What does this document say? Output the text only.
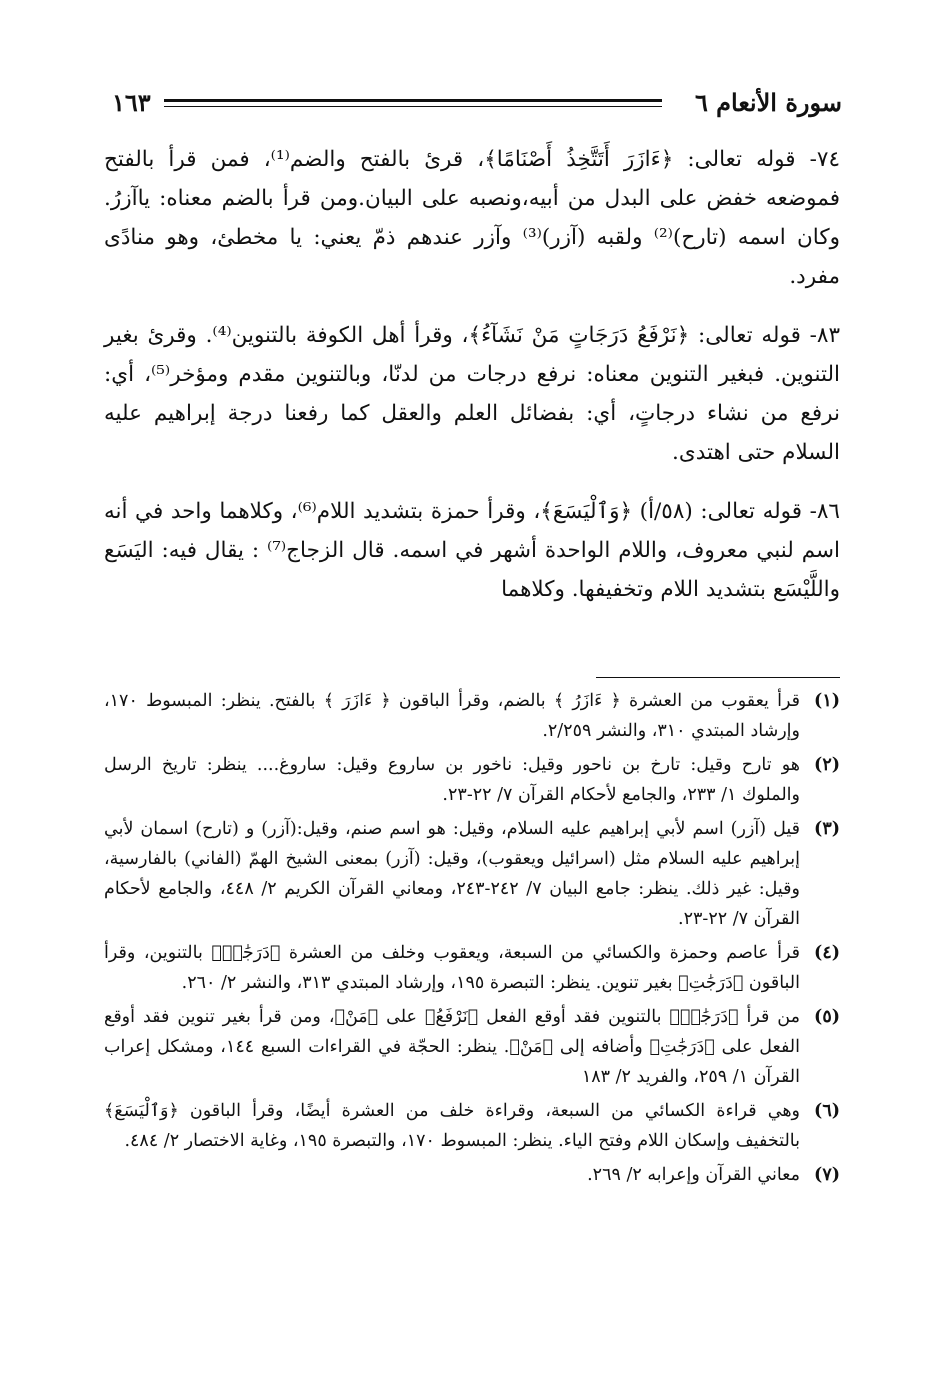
سورة الأنعام ٦
١٦٣

٧٤- قوله تعالى: ﴿ءَازَرَ أَتَتَّخِذُ أَصْنَامًا﴾، قرئ بالفتح والضم⁽¹⁾، فمن قرأ بالفتح فموضعه خفض على البدل من أبيه،ونصبه على البيان.ومن قرأ بالضم معناه: ياآزرُ. وكان اسمه (تارح)⁽²⁾ ولقبه (آزر)⁽³⁾ وآزر عندهم ذمّ يعني: يا مخطئ، وهو منادًى مفرد.

٨٣- قوله تعالى: ﴿نَرْفَعُ دَرَجَاتٍ مَنْ نَشَآءُ﴾، وقرأ أهل الكوفة بالتنوين⁽⁴⁾. وقرئ بغير التنوين. فبغير التنوين معناه: نرفع درجات من لدنّا، وبالتنوين مقدم ومؤخر⁽⁵⁾، أي: نرفع من نشاء درجاتٍ، أي: بفضائل العلم والعقل كما رفعنا درجة إبراهيم عليه السلام حتى اهتدى.

٨٦- قوله تعالى: (٥٨/أ) ﴿وَٱلْيَسَعَ﴾، وقرأ حمزة بتشديد اللام⁽⁶⁾، وكلاهما واحد في أنه اسم لنبي معروف، واللام الواحدة أشهر في اسمه. قال الزجاج⁽⁷⁾ : يقال فيه: اليَسَع واللَّيْسَع بتشديد اللام وتخفيفها. وكلاهما

(١)
قرأ يعقوب من العشرة ﴿ ءَازَرُ ﴾ بالضم، وقرأ الباقون ﴿ ءَازَرَ ﴾ بالفتح. ينظر: المبسوط ١٧٠، وإرشاد المبتدي ٣١٠، والنشر ٢/٢٥٩.
(٢)
هو تارح وقيل: تارخ بن ناحور وقيل: ناخور بن ساروع وقيل: ساروغ.... ينظر: تاريخ الرسل والملوك ١/ ٢٣٣، والجامع لأحكام القرآن ٧/ ٢٢-٢٣.
(٣)
قيل (آزر) اسم لأبي إبراهيم عليه السلام، وقيل: هو اسم صنم، وقيل:(آزر) و (تارح) اسمان لأبي إبراهيم عليه السلام مثل (اسرائيل ويعقوب)، وقيل: (آزر) بمعنى الشيخ الهمّ (الفاني) بالفارسية، وقيل: غير ذلك. ينظر: جامع البيان ٧/ ٢٤٢-٢٤٣، ومعاني القرآن الكريم ٢/ ٤٤٨، والجامع لأحكام القرآن ٧/ ٢٢-٢٣.
(٤)
قرأ عاصم وحمزة والكسائي من السبعة، ويعقوب وخلف من العشرة ﴿دَرَجَٰتٖ﴾ بالتنوين، وقرأ الباقون ﴿دَرَجَٰتِ﴾ بغير تنوين. ينظر: التبصرة ١٩٥، وإرشاد المبتدي ٣١٣، والنشر ٢/ ٢٦٠.
(٥)
من قرأ ﴿دَرَجَٰتٖ﴾ بالتنوين فقد أوقع الفعل ﴿نَرْفَعُ﴾ على ﴿مَنْ﴾، ومن قرأ بغير تنوين فقد أوقع الفعل على ﴿دَرَجَٰتِ﴾ وأضافه إلى ﴿مَنْ﴾. ينظر: الحجّة في القراءات السبع ١٤٤، ومشكل إعراب القرآن ١/ ٢٥٩، والفريد ٢/ ١٨٣
(٦)
وهي قراءة الكسائي من السبعة، وقراءة خلف من العشرة أيضًا، وقرأ الباقون ﴿وَٱلْيَسَعَ﴾ بالتخفيف وإسكان اللام وفتح الياء. ينظر: المبسوط ١٧٠، والتبصرة ١٩٥، وغاية الاختصار ٢/ ٤٨٤.
(٧)
معاني القرآن وإعرابه ٢/ ٢٦٩.
